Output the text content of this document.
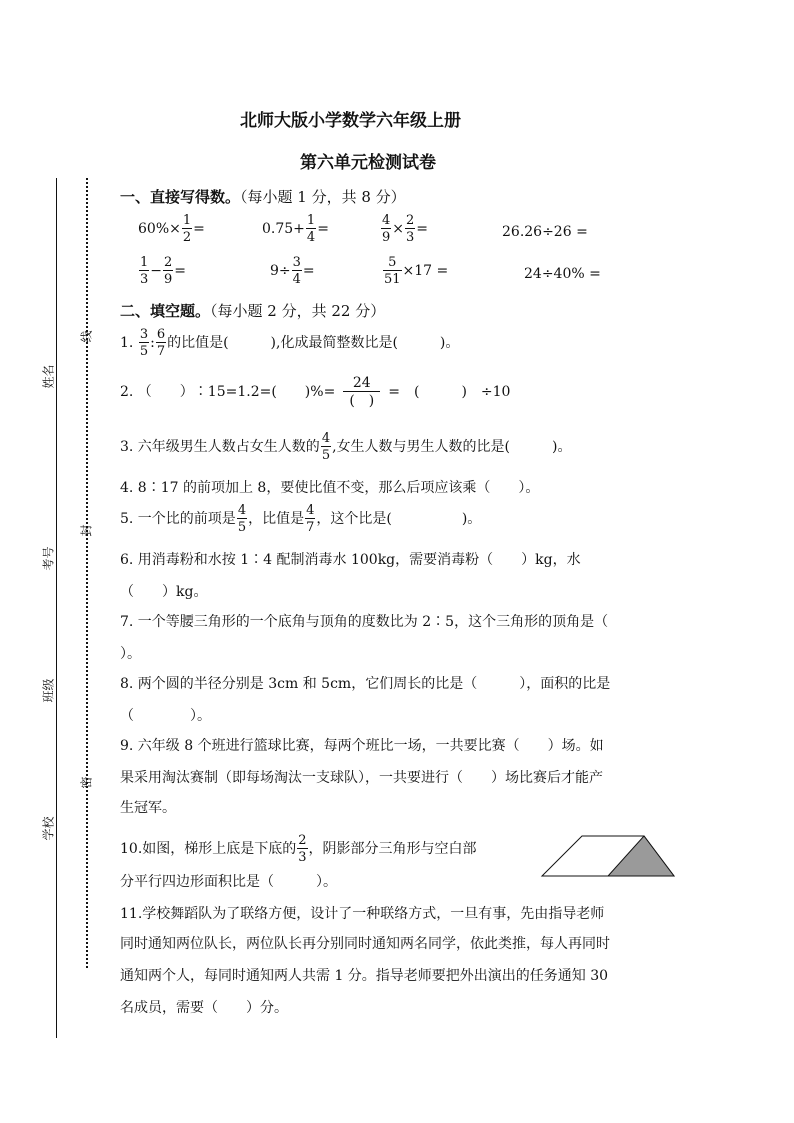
姓名
考号
班级
学校
线
封
密
北师大版小学数学六年级上册
第六单元检测试卷
一、直接写得数。（每小题 1 分，共 8 分）
$60\%\times \frac{1}{2}$ =	$0.75+ \frac{1}{4}$ =	$\frac{4}{9} \times \frac{2}{3}$ =	26.26÷26 =
$\frac{1}{3} - \frac{2}{9}$ =	$9\div \frac{3}{4}$ =	$\frac{5}{51} \times 17$ =	24÷40% =
二、填空题。（每小题 2 分，共 22 分）
1. $\frac{3}{5}$ : $\frac{6}{7}$ 的比值是(　　　),化成最简整数比是(　　　)。
2. （　　）∶15=1.2=(　　)%= $\frac{24}{( )}$ =　(　　　)　÷10
3. 六年级男生人数占女生人数的 $\frac{4}{5}$ ,女生人数与男生人数的比是(　　　)。
4. 8∶17 的前项加上 8，要使比值不变，那么后项应该乘（　　）。
5. 一个比的前项是 $\frac{4}{5}$ ，比值是 $\frac{4}{7}$ ，这个比是(　　　　　)。
6. 用消毒粉和水按 1∶4 配制消毒水 100kg，需要消毒粉（　　）kg，水
（　　）kg。
7. 一个等腰三角形的一个底角与顶角的度数比为 2∶5，这个三角形的顶角是（
）。
8. 两个圆的半径分别是 3cm 和 5cm，它们周长的比是（　　　），面积的比是
（　　　　）。
9. 六年级 8 个班进行篮球比赛，每两个班比一场，一共要比赛（　　）场。如
果采用淘汰赛制（即每场淘汰一支球队），一共要进行（　　）场比赛后才能产
生冠军。
10.如图，梯形上底是下底的 $\frac{2}{3}$ ，阴影部分三角形与空白部
分平行四边形面积比是（　　　）。
11.学校舞蹈队为了联络方便，设计了一种联络方式，一旦有事，先由指导老师
同时通知两位队长，两位队长再分别同时通知两名同学，依此类推，每人再同时
通知两个人，每同时通知两人共需 1 分。指导老师要把外出演出的任务通知 30
名成员，需要（　　）分。
